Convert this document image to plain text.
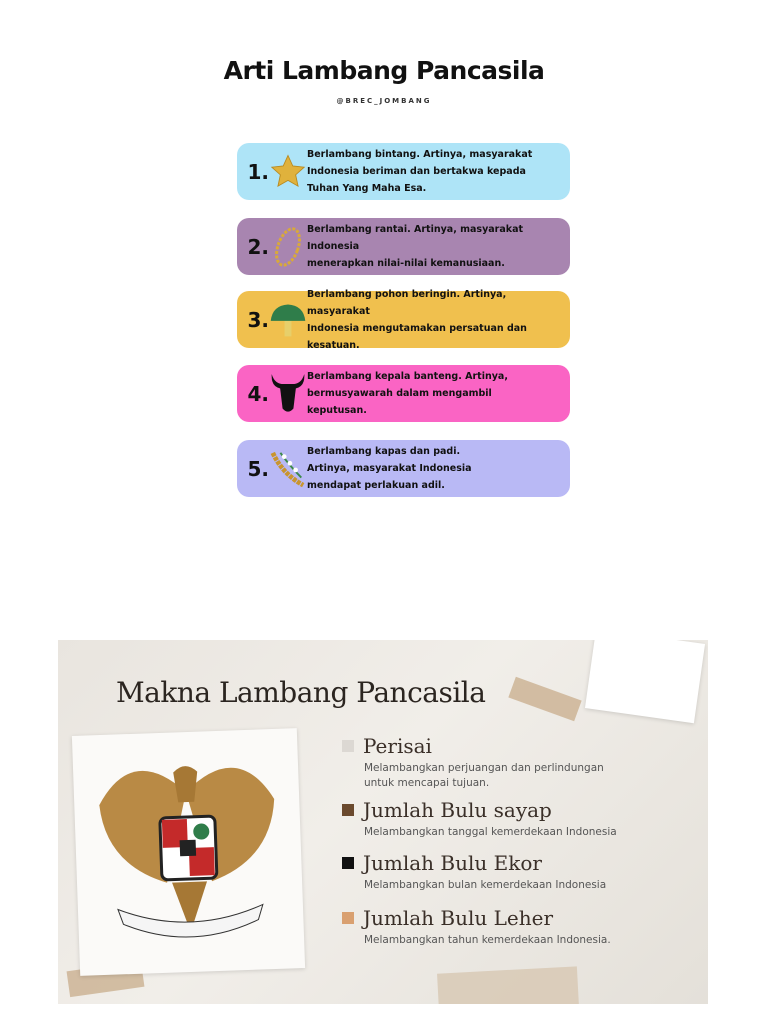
Arti Lambang Pancasila
@BREC_JOMBANG
1.
Berlambang bintang. Artinya, masyarakat
Indonesia beriman dan bertakwa kepada
Tuhan Yang Maha Esa.
2.
Berlambang rantai. Artinya, masyarakat Indonesia
menerapkan nilai-nilai kemanusiaan.
3.
Berlambang pohon beringin. Artinya, masyarakat
Indonesia mengutamakan persatuan dan kesatuan.
4.
Berlambang kepala banteng. Artinya,
bermusyawarah dalam mengambil
keputusan.
5.
Berlambang kapas dan padi.
Artinya, masyarakat Indonesia
mendapat perlakuan adil.
Makna Lambang Pancasila
Perisai
Melambangkan perjuangan dan perlindungan
untuk mencapai tujuan.
Jumlah Bulu sayap
Melambangkan tanggal kemerdekaan Indonesia
Jumlah Bulu Ekor
Melambangkan bulan kemerdekaan Indonesia
Jumlah Bulu Leher
Melambangkan tahun kemerdekaan Indonesia.
